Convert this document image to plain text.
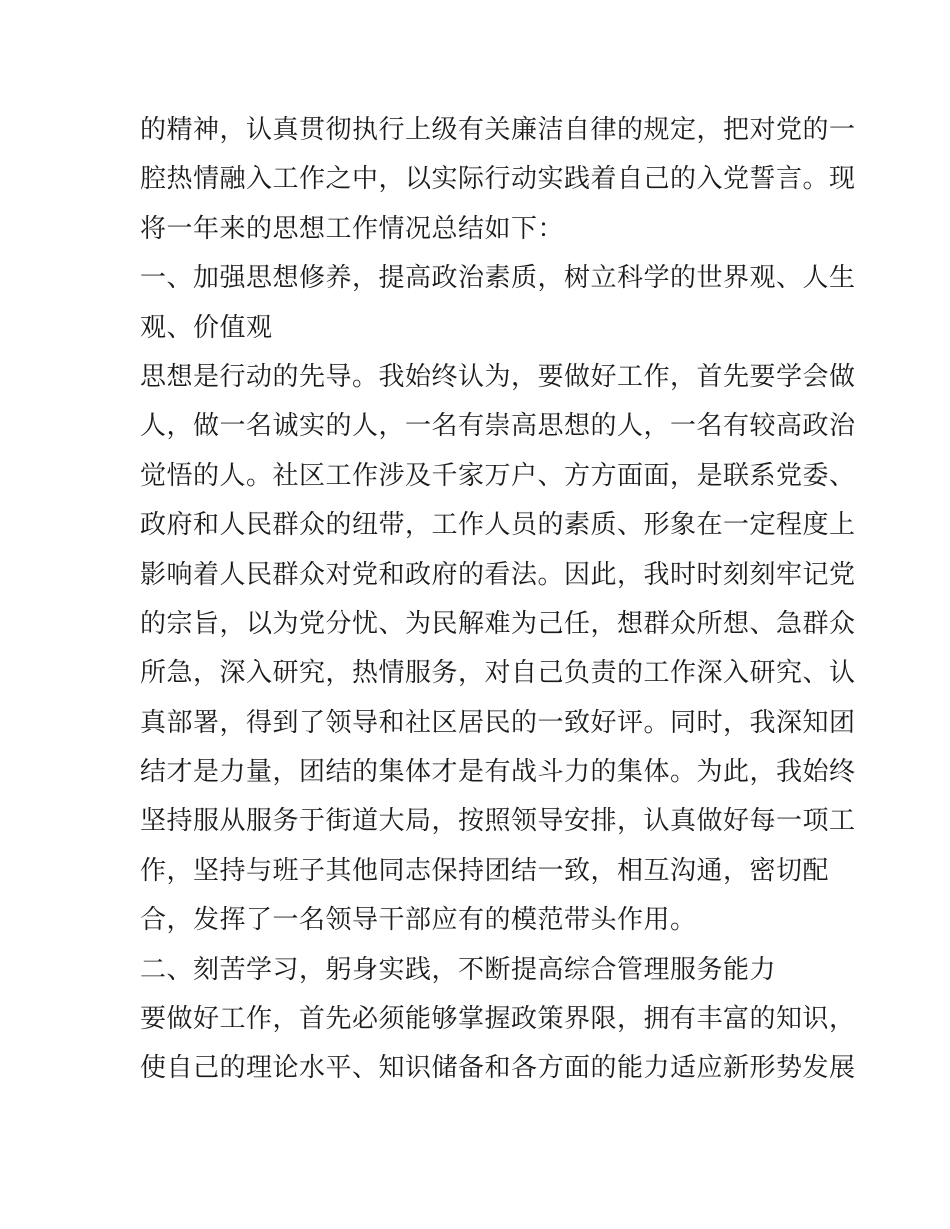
的精神，认真贯彻执行上级有关廉洁自律的规定，把对党的一
腔热情融入工作之中，以实际行动实践着自己的入党誓言。现
将一年来的思想工作情况总结如下：
一、加强思想修养，提高政治素质，树立科学的世界观、人生
观、价值观
思想是行动的先导。我始终认为，要做好工作，首先要学会做
人，做一名诚实的人，一名有崇高思想的人，一名有较高政治
觉悟的人。社区工作涉及千家万户、方方面面，是联系党委、
政府和人民群众的纽带，工作人员的素质、形象在一定程度上
影响着人民群众对党和政府的看法。因此，我时时刻刻牢记党
的宗旨，以为党分忧、为民解难为己任，想群众所想、急群众
所急，深入研究，热情服务，对自己负责的工作深入研究、认
真部署，得到了领导和社区居民的一致好评。同时，我深知团
结才是力量，团结的集体才是有战斗力的集体。为此，我始终
坚持服从服务于街道大局，按照领导安排，认真做好每一项工
作，坚持与班子其他同志保持团结一致，相互沟通，密切配
合，发挥了一名领导干部应有的模范带头作用。
二、刻苦学习，躬身实践，不断提高综合管理服务能力
要做好工作，首先必须能够掌握政策界限，拥有丰富的知识，
使自己的理论水平、知识储备和各方面的能力适应新形势发展
